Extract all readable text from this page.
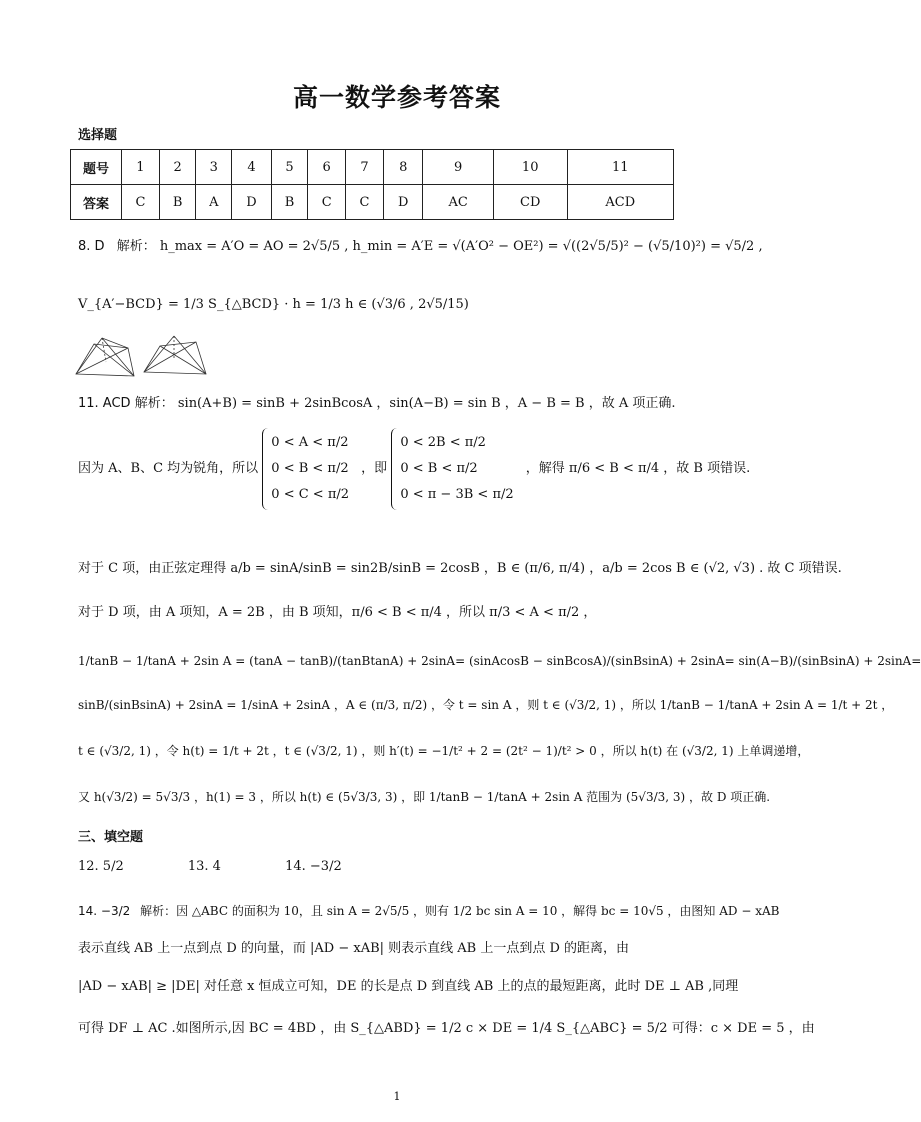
高一数学参考答案
选择题
题号	1	2	3	4	5	6	7	8	9	10	11
答案	C	B	A	D	B	C	C	D	AC	CD	ACD
8. D 解析： h_max = A′O = AO = 2√5/5 , h_min = A′E = √(A′O² − OE²) = √((2√5/5)² − (√5/10)²) = √5/2 ,
V_{A′−BCD} = 1/3 S_{△BCD} · h = 1/3 h ∈ (√3/6 , 2√5/15)
11. ACD 解析： sin(A+B) = sinB + 2sinBcosA ，sin(A−B) = sin B ，A − B = B ，故 A 项正确.
因为 A、B、C 均为锐角，所以
0 < A < π/2
0 < B < π/2
0 < C < π/2
，即
0 < 2B < π/2
0 < B < π/2
0 < π − 3B < π/2
，解得 π/6 < B < π/4 ，故 B 项错误.
对于 C 项，由正弦定理得 a/b = sinA/sinB = sin2B/sinB = 2cosB ，B ∈ (π/6, π/4) ，a/b = 2cos B ∈ (√2, √3) . 故 C 项错误.
对于 D 项，由 A 项知，A = 2B ，由 B 项知，π/6 < B < π/4 ，所以 π/3 < A < π/2 ，
1/tanB − 1/tanA + 2sin A = (tanA − tanB)/(tanBtanA) + 2sinA= (sinAcosB − sinBcosA)/(sinBsinA) + 2sinA= sin(A−B)/(sinBsinA) + 2sinA=
sinB/(sinBsinA) + 2sinA = 1/sinA + 2sinA ，A ∈ (π/3, π/2) ，令 t = sin A ，则 t ∈ (√3/2, 1) ，所以 1/tanB − 1/tanA + 2sin A = 1/t + 2t ，
t ∈ (√3/2, 1) ，令 h(t) = 1/t + 2t ，t ∈ (√3/2, 1) ，则 h′(t) = −1/t² + 2 = (2t² − 1)/t² > 0 ，所以 h(t) 在 (√3/2, 1) 上单调递增，
又 h(√3/2) = 5√3/3 ，h(1) = 3 ，所以 h(t) ∈ (5√3/3, 3) ，即 1/tanB − 1/tanA + 2sin A 范围为 (5√3/3, 3) ，故 D 项正确.
三、填空题
12. 5/2	13. 4	14. −3/2
14. −3/2 解析：因 △ABC 的面积为 10，且 sin A = 2√5/5 ，则有 1/2 bc sin A = 10 ，解得 bc = 10√5 ，由图知 AD − xAB
表示直线 AB 上一点到点 D 的向量，而 |AD − xAB| 则表示直线 AB 上一点到点 D 的距离，由
|AD − xAB| ≥ |DE| 对任意 x 恒成立可知，DE 的长是点 D 到直线 AB 上的点的最短距离，此时 DE ⊥ AB ,同理
可得 DF ⊥ AC .如图所示,因 BC = 4BD ，由 S_{△ABD} = 1/2 c × DE = 1/4 S_{△ABC} = 5/2 可得：c × DE = 5 ，由
1
